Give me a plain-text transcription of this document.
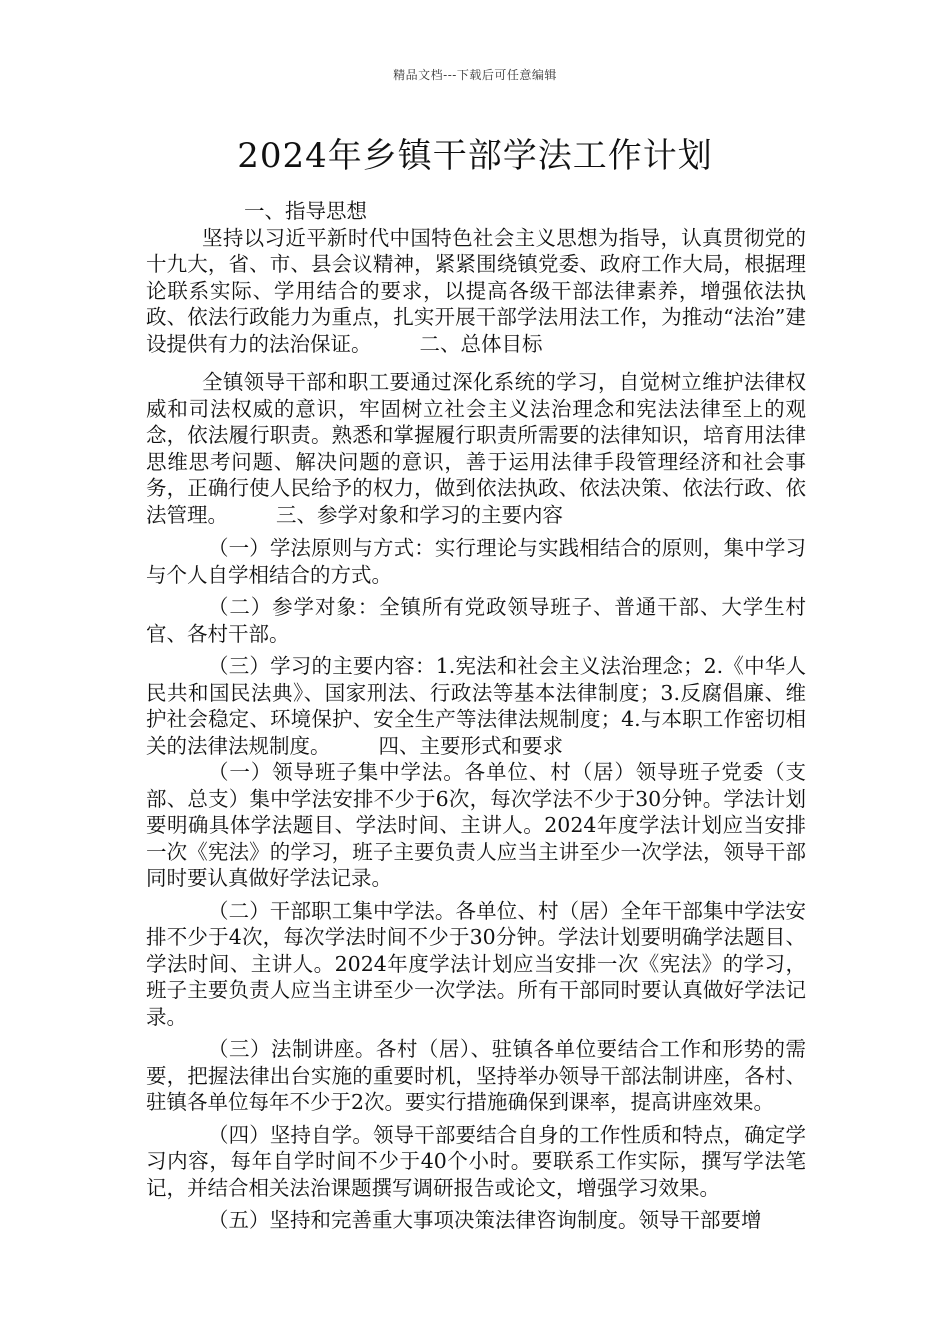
精品文档---下载后可任意编辑
2024年乡镇干部学法工作计划

一、指导思想

坚持以习近平新时代中国特色社会主义思想为指导，认真贯彻党的十九大，省、市、县会议精神，紧紧围绕镇党委、政府工作大局，根据理论联系实际、学用结合的要求，以提高各级干部法律素养，增强依法执政、依法行政能力为重点，扎实开展干部学法用法工作，为推动“法治”建设提供有力的法治保证。 二、总体目标

全镇领导干部和职工要通过深化系统的学习，自觉树立维护法律权威和司法权威的意识，牢固树立社会主义法治理念和宪法法律至上的观念，依法履行职责。熟悉和掌握履行职责所需要的法律知识，培育用法律思维思考问题、解决问题的意识，善于运用法律手段管理经济和社会事务，正确行使人民给予的权力，做到依法执政、依法决策、依法行政、依法管理。 三、参学对象和学习的主要内容

（一）学法原则与方式：实行理论与实践相结合的原则，集中学习与个人自学相结合的方式。

（二）参学对象：全镇所有党政领导班子、普通干部、大学生村官、各村干部。

（三）学习的主要内容：1.宪法和社会主义法治理念；2.《中华人民共和国民法典》、国家刑法、行政法等基本法律制度；3.反腐倡廉、维护社会稳定、环境保护、安全生产等法律法规制度；4.与本职工作密切相关的法律法规制度。 四、主要形式和要求

（一）领导班子集中学法。各单位、村（居）领导班子党委（支部、总支）集中学法安排不少于6次，每次学法不少于30分钟。学法计划要明确具体学法题目、学法时间、主讲人。2024年度学法计划应当安排一次《宪法》的学习，班子主要负责人应当主讲至少一次学法，领导干部同时要认真做好学法记录。

（二）干部职工集中学法。各单位、村（居）全年干部集中学法安排不少于4次，每次学法时间不少于30分钟。学法计划要明确学法题目、学法时间、主讲人。2024年度学法计划应当安排一次《宪法》的学习，班子主要负责人应当主讲至少一次学法。所有干部同时要认真做好学法记录。

（三）法制讲座。各村（居）、驻镇各单位要结合工作和形势的需要，把握法律出台实施的重要时机，坚持举办领导干部法制讲座，各村、驻镇各单位每年不少于2次。要实行措施确保到课率，提高讲座效果。

（四）坚持自学。领导干部要结合自身的工作性质和特点，确定学习内容，每年自学时间不少于40个小时。要联系工作实际，撰写学法笔记，并结合相关法治课题撰写调研报告或论文，增强学习效果。

（五）坚持和完善重大事项决策法律咨询制度。领导干部要增
